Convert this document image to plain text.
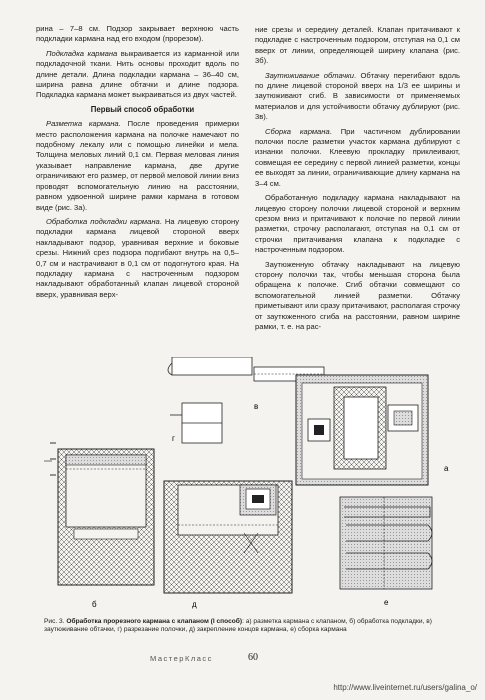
рина – 7–8 см. Подзор закрывает верхнюю часть подкладки кармана над его входом (прорезом).

Подкладка кармана выкраивается из карманной или подкладочной ткани. Нить основы проходит вдоль по длине детали. Длина подкладки кармана – 36–40 см, ширина равна длине обтачки и длине подзора. Подкладка кармана может выкраиваться из двух частей.

Первый способ обработки

Разметка кармана. После проведения примерки место расположения кармана на полочке намечают по подобному лекалу или с помощью линейки и мела. Толщина меловых линий 0,1 см. Первая меловая линия указывает направление кармана, две другие ограничивают его размер, от первой меловой линии вниз проводят вспомогательную линию на расстоянии, равном удвоенной ширине рамки кармана в готовом виде (рис. 3а).

Обработка подкладки кармана. На лицевую сторону подкладки кармана лицевой стороной вверх накладывают подзор, уравнивая верхние и боковые срезы. Нижний срез подзора подгибают внутрь на 0,5–0,7 см и настрачивают в 0,1 см от подогнутого края. На подкладку кармана с настроченным подзором накладывают обработанный клапан лицевой стороной вверх, уравнивая верх-

ние срезы и середину деталей. Клапан притачивают к подкладке с настроченным подзором, отступая на 0,1 см вверх от линии, определяющей ширину клапана (рис. 3б).

Заутюживание обтачки. Обтачку перегибают вдоль по длине лицевой стороной вверх на 1/3 ее ширины и заутюживают сгиб. В зависимости от применяемых материалов и для устойчивости обтачку дублируют (рис. 3в).

Сборка кармана. При частичном дублировании полочки после разметки участок кармана дублируют с изнанки полочки. Клеевую прокладку приклеивают, совмещая ее середину с первой линией разметки, концы ее выходят за линии, ограничивающие длину кармана на 3–4 см.

Обработанную подкладку кармана накладывают на лицевую сторону полочки лицевой стороной и верхним срезом вниз и притачивают к полочке по первой линии разметки, строчку располагают, отступая на 0,1 см от строчки притачивания клапана к подкладке с настроченным подзором.

Заутюженную обтачку накладывают на лицевую сторону полочки так, чтобы меньшая сторона была обращена к полочке. Сгиб обтачки совмещают со вспомогательной линией разметки. Обтачку приметывают или сразу притачивают, располагая строчку от заутюженного сгиба на расстоянии, равном ширине рамки, т. е. на рас-

б
в
г
д
а
е
Рис. 3. Обработка прорезного кармана с клапаном (I способ): а) разметка кармана с клапаном, б) обработка подкладки, в) заутюживание обтачки, г) разрезание полочки, д) закрепление концов кармана, е) сборка кармана
МастерКласс	60
http://www.liveinternet.ru/users/galina_o/
